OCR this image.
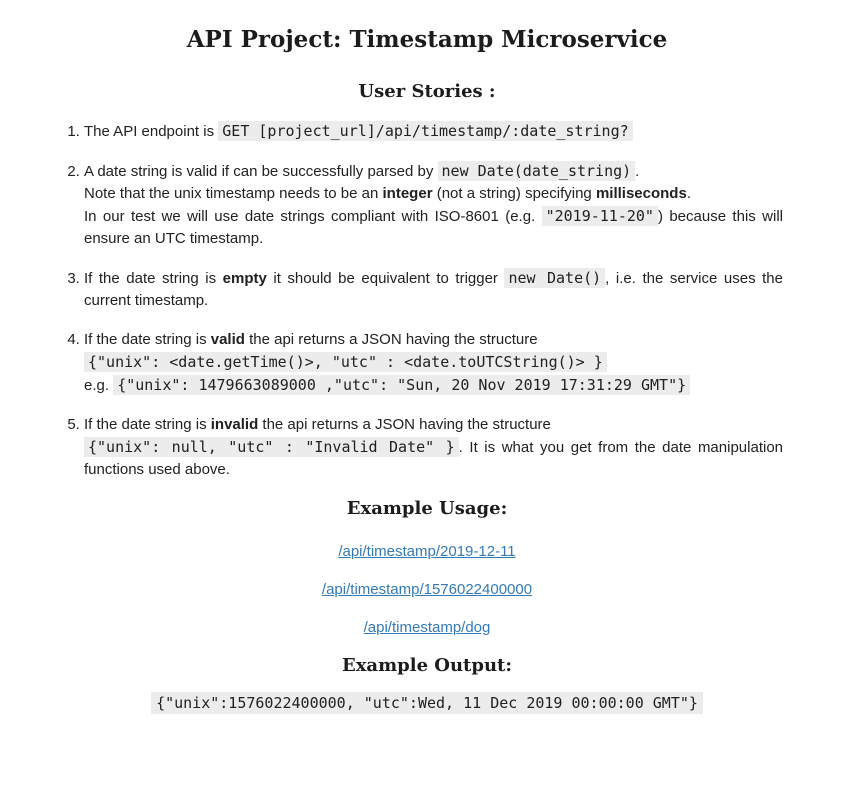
API Project: Timestamp Microservice
User Stories :
1. The API endpoint is GET [project_url]/api/timestamp/:date_string?
2. A date string is valid if can be successfully parsed by new Date(date_string) .
Note that the unix timestamp needs to be an integer (not a string) specifying milliseconds.
In our test we will use date strings compliant with ISO-8601 (e.g. "2019-11-20" ) because this will ensure an UTC timestamp.
3. If the date string is empty it should be equivalent to trigger new Date() , i.e. the service uses the current timestamp.
4. If the date string is valid the api returns a JSON having the structure
{"unix": <date.getTime()>, "utc" : <date.toUTCString()> }
e.g. {"unix": 1479663089000 ,"utc": "Sun, 20 Nov 2019 17:31:29 GMT"}
5. If the date string is invalid the api returns a JSON having the structure
{"unix": null, "utc" : "Invalid Date" } . It is what you get from the date manipulation functions used above.
Example Usage:

/api/timestamp/2019-12-11

/api/timestamp/1576022400000

/api/timestamp/dog

Example Output:

{"unix":1576022400000, "utc":Wed, 11 Dec 2019 00:00:00 GMT"}
